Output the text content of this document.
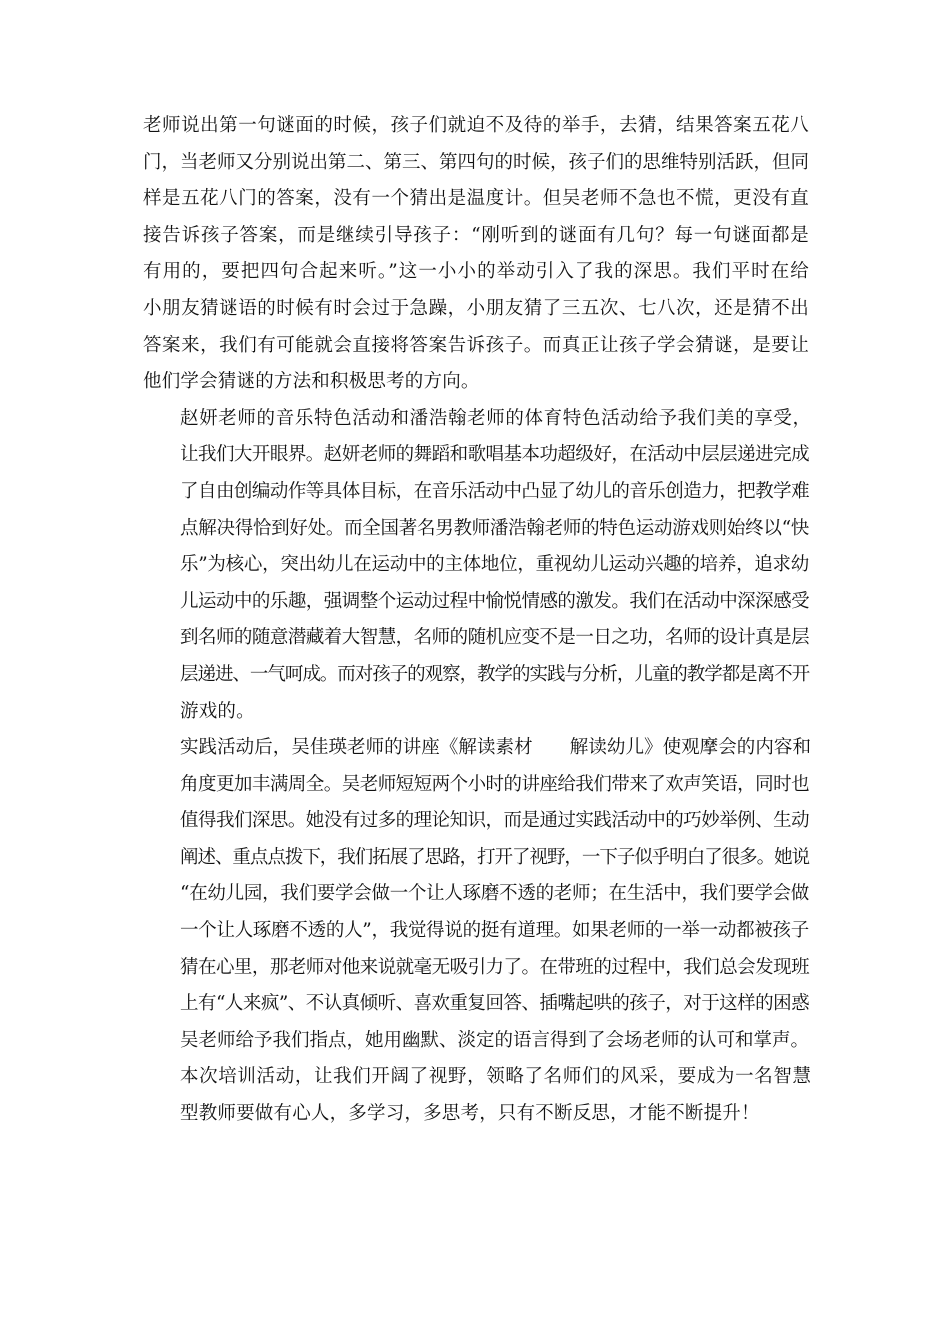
老师说出第一句谜面的时候，孩子们就迫不及待的举手，去猜，结果答案五花八
门，当老师又分别说出第二、第三、第四句的时候，孩子们的思维特别活跃，但同
样是五花八门的答案，没有一个猜出是温度计。但吴老师不急也不慌，更没有直
接告诉孩子答案，而是继续引导孩子：“刚听到的谜面有几句？每一句谜面都是
有用的，要把四句合起来听。”这一小小的举动引入了我的深思。我们平时在给
小朋友猜谜语的时候有时会过于急躁，小朋友猜了三五次、七八次，还是猜不出
答案来，我们有可能就会直接将答案告诉孩子。而真正让孩子学会猜谜，是要让
他们学会猜谜的方法和积极思考的方向。

赵妍老师的音乐特色活动和潘浩翰老师的体育特色活动给予我们美的享受，
让我们大开眼界。赵妍老师的舞蹈和歌唱基本功超级好，在活动中层层递进完成
了自由创编动作等具体目标，在音乐活动中凸显了幼儿的音乐创造力，把教学难
点解决得恰到好处。而全国著名男教师潘浩翰老师的特色运动游戏则始终以“快
乐”为核心，突出幼儿在运动中的主体地位，重视幼儿运动兴趣的培养，追求幼
儿运动中的乐趣，强调整个运动过程中愉悦情感的激发。我们在活动中深深感受
到名师的随意潜藏着大智慧，名师的随机应变不是一日之功，名师的设计真是层
层递进、一气呵成。而对孩子的观察，教学的实践与分析，儿童的教学都是离不开
游戏的。

实践活动后，吴佳瑛老师的讲座《解读素材　　解读幼儿》使观摩会的内容和
角度更加丰满周全。吴老师短短两个小时的讲座给我们带来了欢声笑语，同时也
值得我们深思。她没有过多的理论知识，而是通过实践活动中的巧妙举例、生动
阐述、重点点拨下，我们拓展了思路，打开了视野，一下子似乎明白了很多。她说
“在幼儿园，我们要学会做一个让人琢磨不透的老师；在生活中，我们要学会做
一个让人琢磨不透的人”，我觉得说的挺有道理。如果老师的一举一动都被孩子
猜在心里，那老师对他来说就毫无吸引力了。在带班的过程中，我们总会发现班
上有“人来疯”、不认真倾听、喜欢重复回答、插嘴起哄的孩子，对于这样的困惑
吴老师给予我们指点，她用幽默、淡定的语言得到了会场老师的认可和掌声。

本次培训活动，让我们开阔了视野，领略了名师们的风采，要成为一名智慧
型教师要做有心人，多学习，多思考，只有不断反思，才能不断提升！
